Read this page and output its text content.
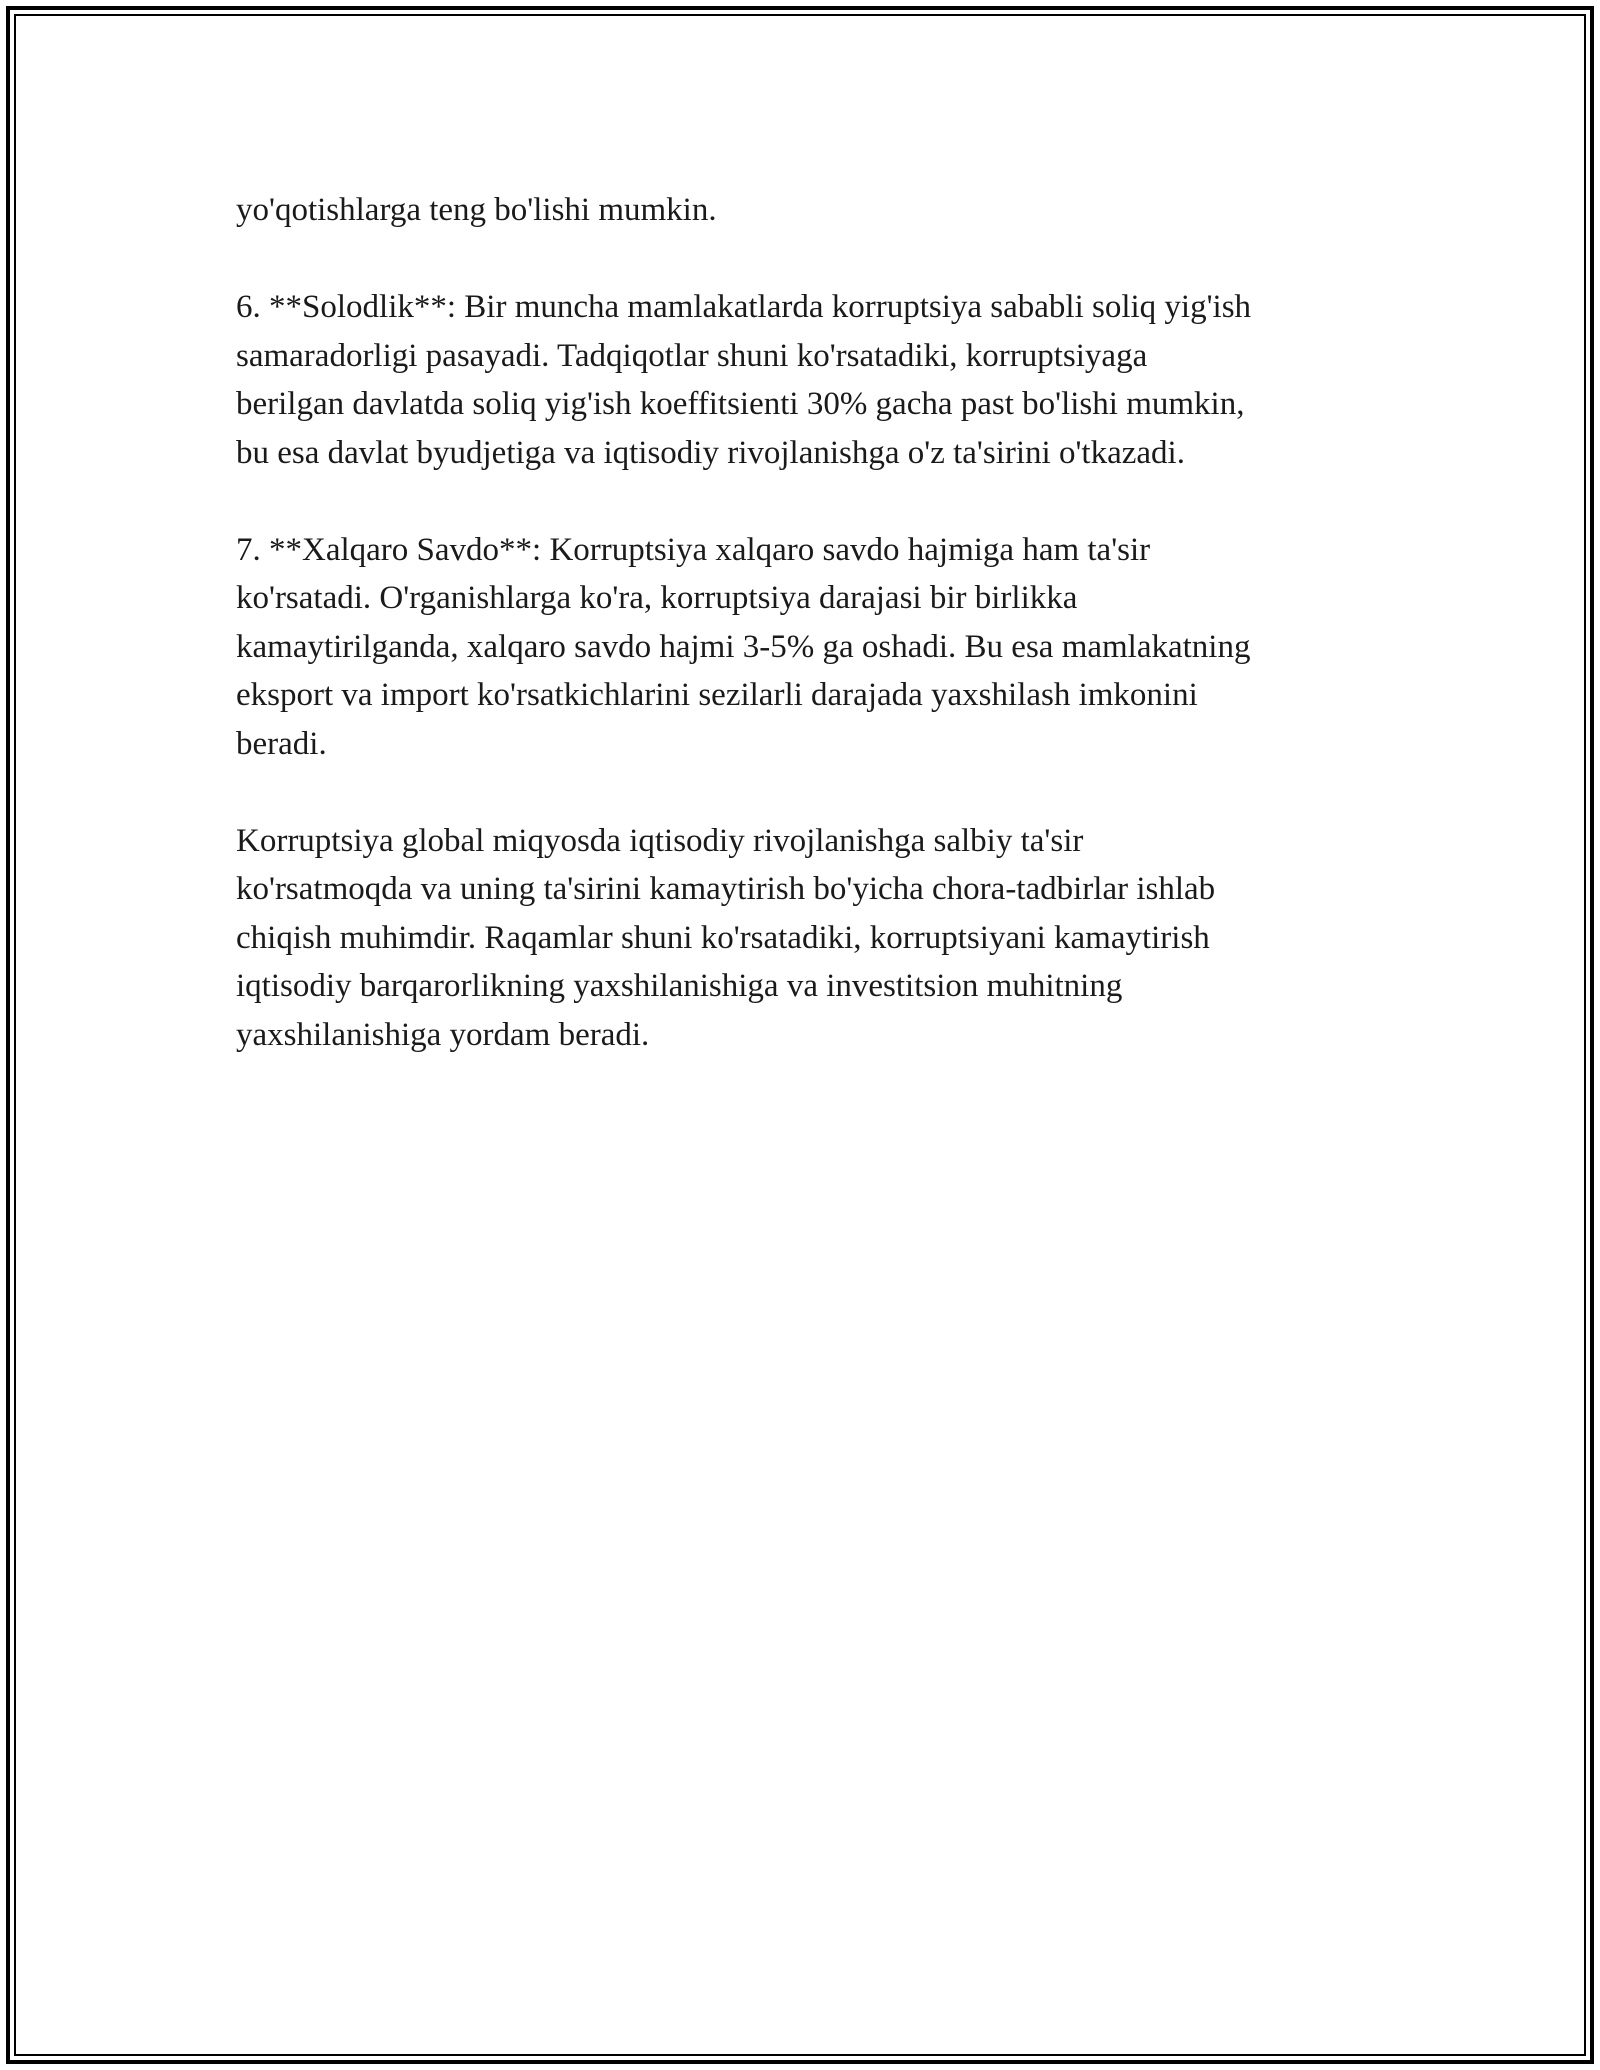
yo'qotishlarga teng bo'lishi mumkin.

6. **Solodlik**: Bir muncha mamlakatlarda korruptsiya sababli soliq yig'ish
samaradorligi pasayadi. Tadqiqotlar shuni ko'rsatadiki, korruptsiyaga
berilgan davlatda soliq yig'ish koeffitsienti 30% gacha past bo'lishi mumkin,
bu esa davlat byudjetiga va iqtisodiy rivojlanishga o'z ta'sirini o'tkazadi.

7. **Xalqaro Savdo**: Korruptsiya xalqaro savdo hajmiga ham ta'sir
ko'rsatadi. O'rganishlarga ko'ra, korruptsiya darajasi bir birlikka
kamaytirilganda, xalqaro savdo hajmi 3-5% ga oshadi. Bu esa mamlakatning
eksport va import ko'rsatkichlarini sezilarli darajada yaxshilash imkonini
beradi.

Korruptsiya global miqyosda iqtisodiy rivojlanishga salbiy ta'sir
ko'rsatmoqda va uning ta'sirini kamaytirish bo'yicha chora-tadbirlar ishlab
chiqish muhimdir. Raqamlar shuni ko'rsatadiki, korruptsiyani kamaytirish
iqtisodiy barqarorlikning yaxshilanishiga va investitsion muhitning
yaxshilanishiga yordam beradi.
